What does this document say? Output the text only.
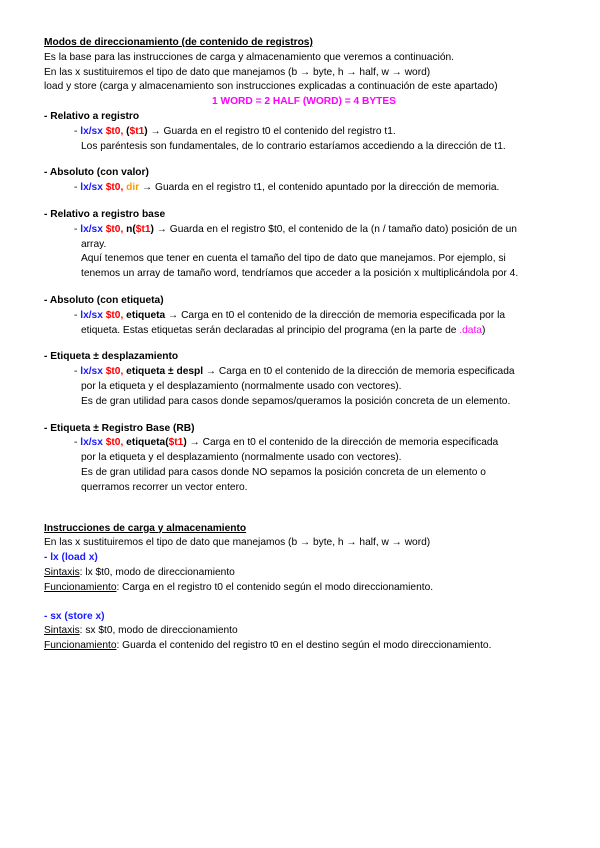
Modos de direccionamiento (de contenido de registros)
Es la base para las instrucciones de carga y almacenamiento que veremos a continuación.
En las x sustituiremos el tipo de dato que manejamos (b → byte, h → half, w → word)
load y store (carga y almacenamiento son instrucciones explicadas a continuación de este apartado)
1 WORD = 2 HALF (WORD) = 4 BYTES
- Relativo a registro
- lx/sx $t0, ($t1) → Guarda en el registro t0 el contenido del registro t1.
Los paréntesis son fundamentales, de lo contrario estaríamos accediendo a la dirección de t1.
- Absoluto (con valor)
- lx/sx $t0, dir → Guarda en el registro t1, el contenido apuntado por la dirección de memoria.
- Relativo a registro base
- lx/sx $t0, n($t1) → Guarda en el registro $t0, el contenido de la (n / tamaño dato) posición de un
array.
Aquí tenemos que tener en cuenta el tamaño del tipo de dato que manejamos. Por ejemplo, si
tenemos un array de tamaño word, tendríamos que acceder a la posición x multiplicándola por 4.
- Absoluto (con etiqueta)
- lx/sx $t0, etiqueta → Carga en t0 el contenido de la dirección de memoria especificada por la
etiqueta. Estas etiquetas serán declaradas al principio del programa (en la parte de .data)
- Etiqueta ± desplazamiento
- lx/sx $t0, etiqueta ± despl → Carga en t0 el contenido de la dirección de memoria especificada
por la etiqueta y el desplazamiento (normalmente usado con vectores).
Es de gran utilidad para casos donde sepamos/queramos la posición concreta de un elemento.
- Etiqueta ± Registro Base (RB)
- lx/sx $t0, etiqueta($t1) → Carga en t0 el contenido de la dirección de memoria especificada
por la etiqueta y el desplazamiento (normalmente usado con vectores).
Es de gran utilidad para casos donde NO sepamos la posición concreta de un elemento o
querramos recorrer un vector entero.
Instrucciones de carga y almacenamiento
En las x sustituiremos el tipo de dato que manejamos (b → byte, h → half, w → word)
- lx (load x)
Sintaxis: lx $t0, modo de direccionamiento
Funcionamiento: Carga en el registro t0 el contenido según el modo direccionamiento.
- sx (store x)
Sintaxis: sx $t0, modo de direccionamiento
Funcionamiento: Guarda el contenido del registro t0 en el destino según el modo direccionamiento.
